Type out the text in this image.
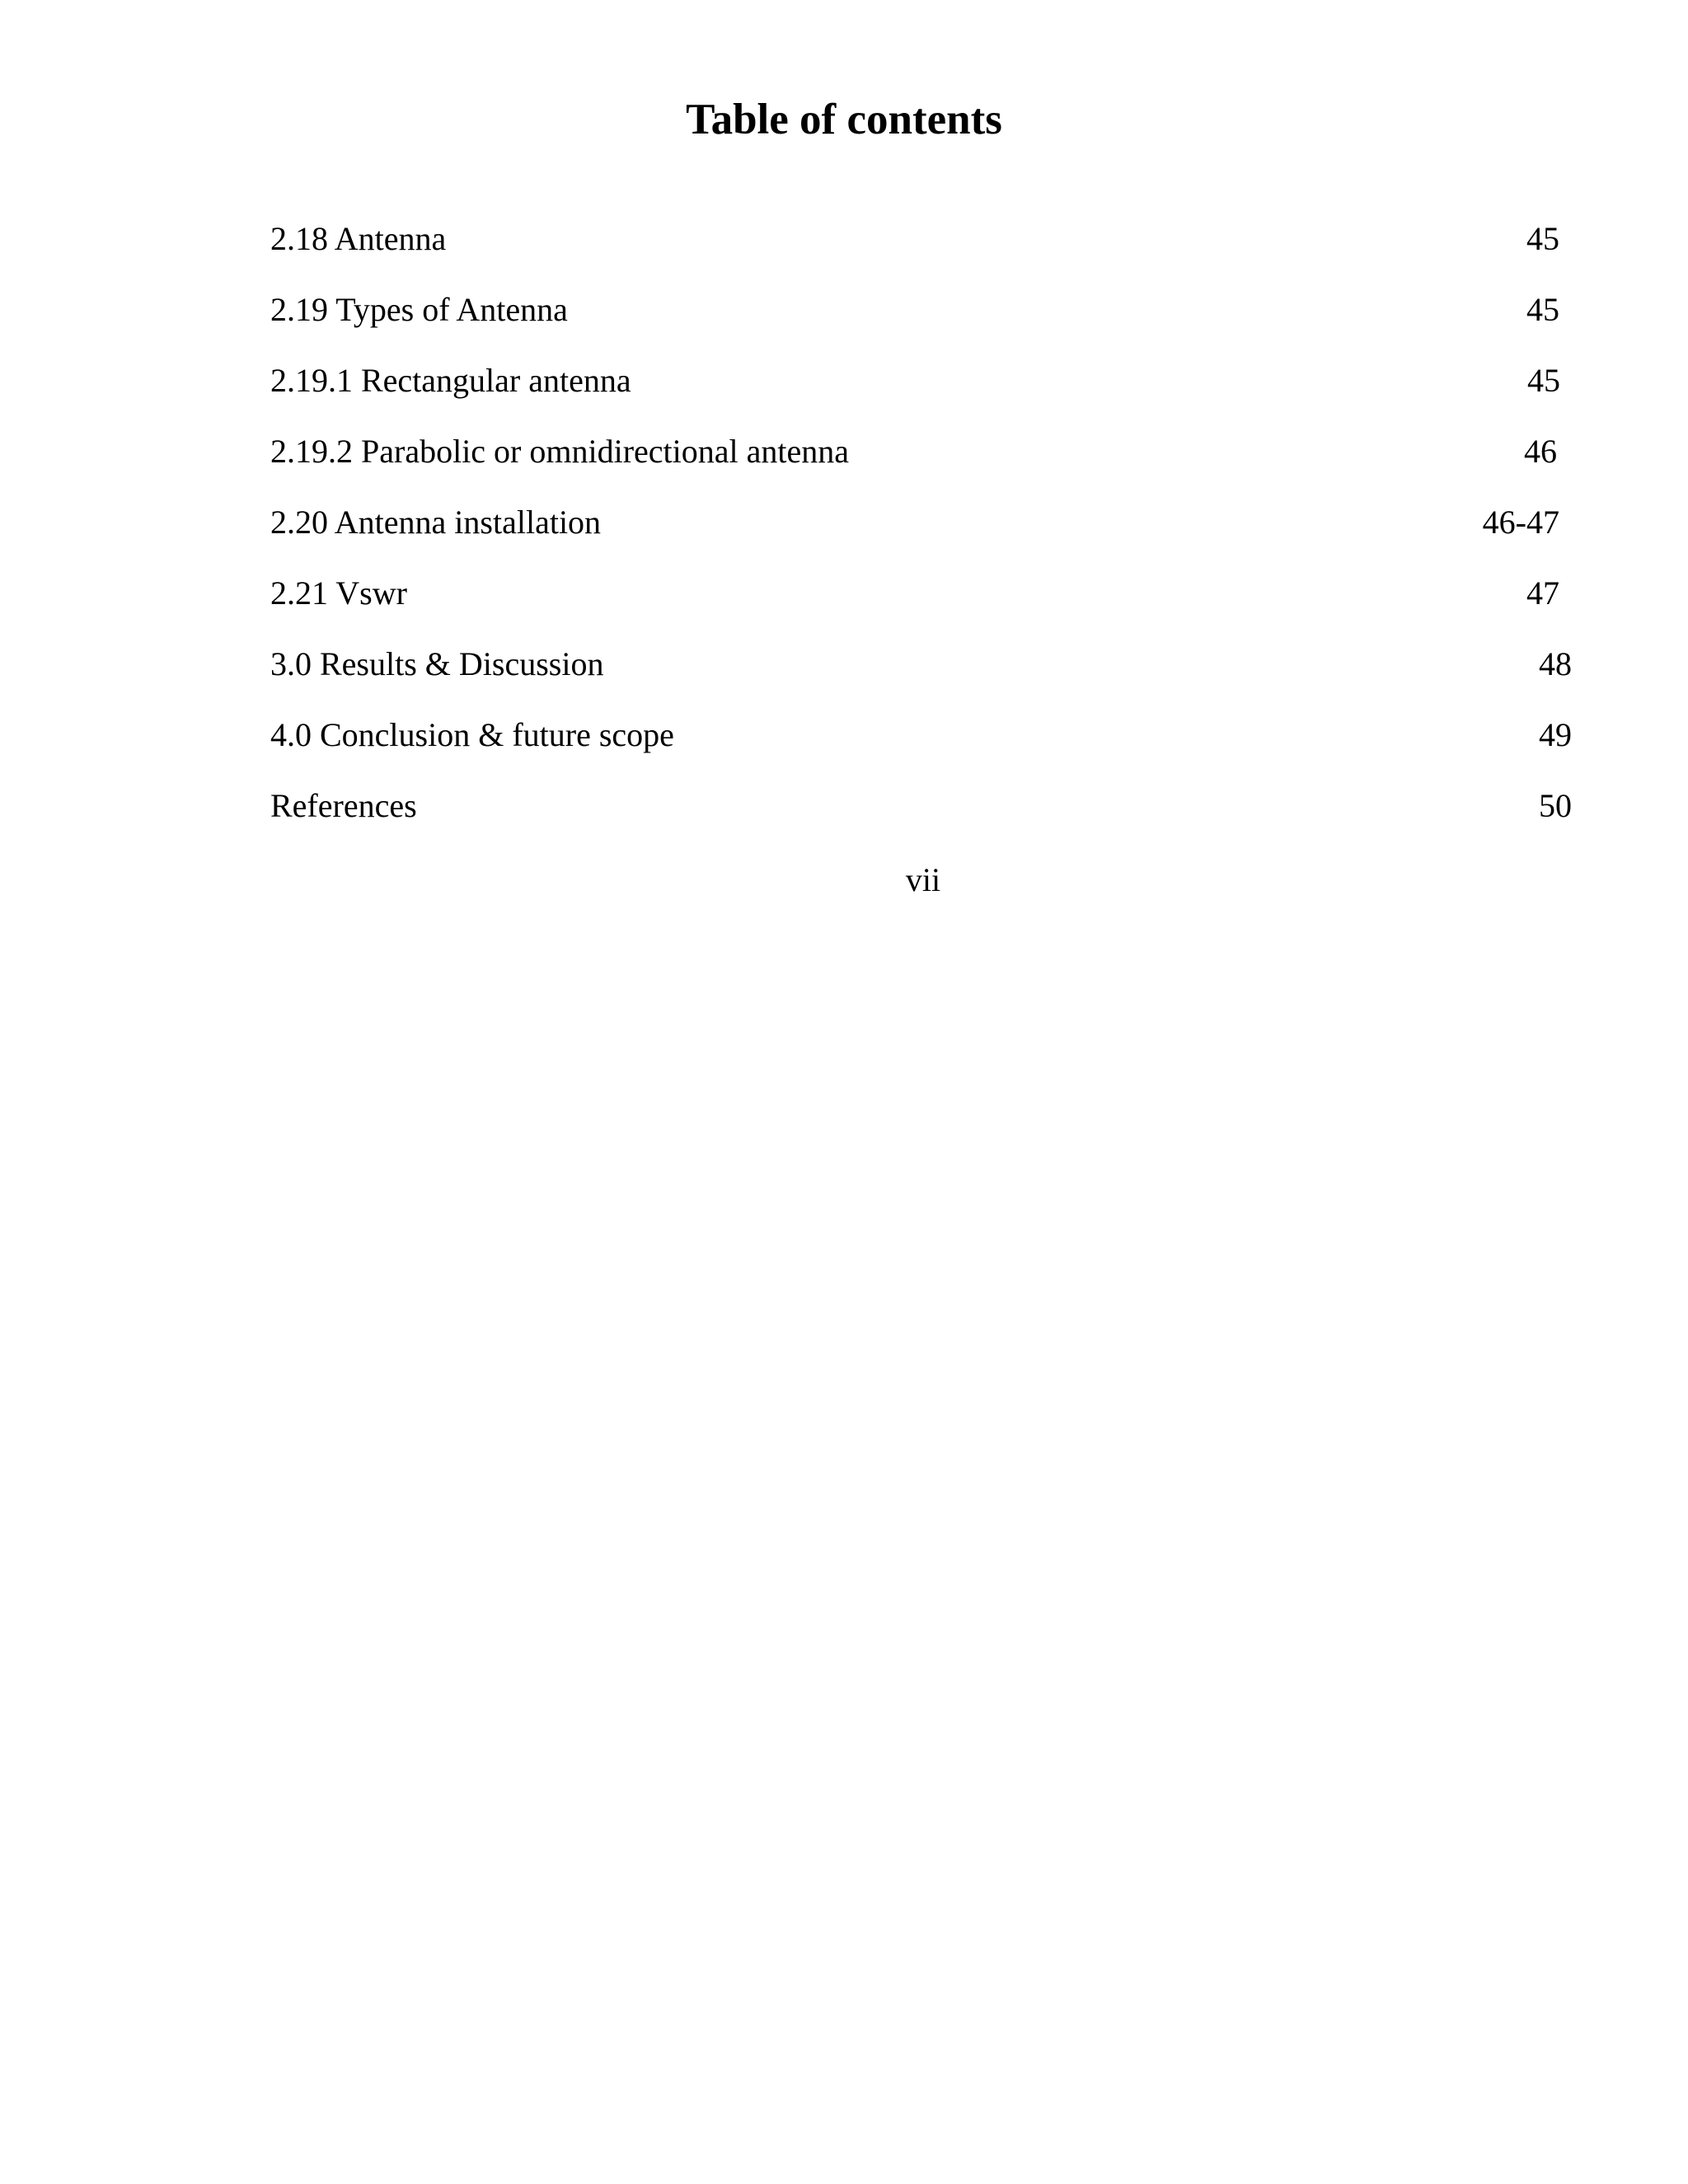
Table of contents
2.18 Antenna	45
2.19 Types of Antenna	45
2.19.1 Rectangular antenna	45
2.19.2 Parabolic or omnidirectional antenna	46
2.20 Antenna installation	46-47
2.21 Vswr	47
3.0 Results & Discussion	48
4.0 Conclusion & future scope	49
References	50
vii
